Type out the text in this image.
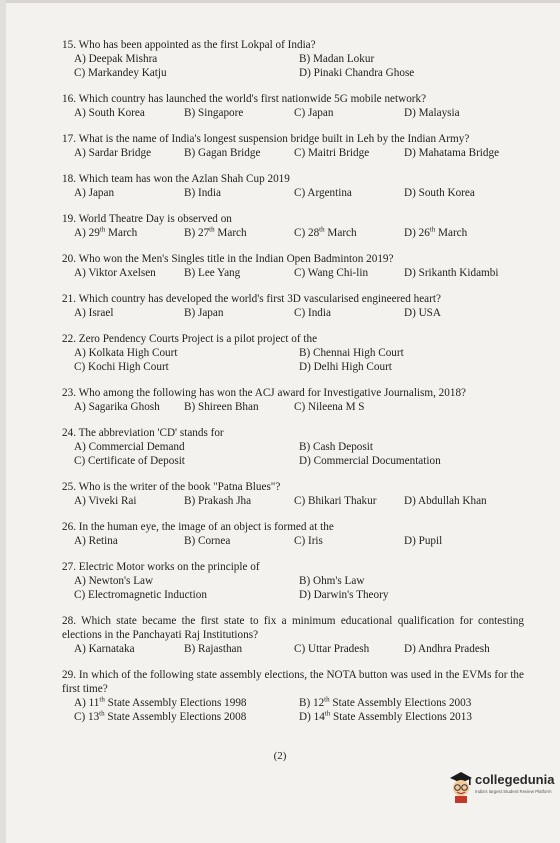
15. Who has been appointed as the first Lokpal of India?
A) Deepak Mishra	B) Madan Lokur
C) Markandey Katju	D) Pinaki Chandra Ghose
16. Which country has launched the world's first nationwide 5G mobile network?
A) South Korea	B) Singapore	C) Japan	D) Malaysia
17. What is the name of India's longest suspension bridge built in Leh by the Indian Army?
A) Sardar Bridge	B) Gagan Bridge	C) Maitri Bridge	D) Mahatama Bridge
18. Which team has won the Azlan Shah Cup 2019
A) Japan	B) India	C) Argentina	D) South Korea
19. World Theatre Day is observed on
A) 29th March	B) 27th March	C) 28th March	D) 26th March
20. Who won the Men's Singles title in the Indian Open Badminton 2019?
A) Viktor Axelsen	B) Lee Yang	C) Wang Chi-lin	D) Srikanth Kidambi
21. Which country has developed the world's first 3D vascularised engineered heart?
A) Israel	B) Japan	C) India	D) USA
22. Zero Pendency Courts Project is a pilot project of the
A) Kolkata High Court	B) Chennai High Court
C) Kochi High Court	D) Delhi High Court
23. Who among the following has won the ACJ award for Investigative Journalism, 2018?
A) Sagarika Ghosh	B) Shireen Bhan	C) Nileena M S
24. The abbreviation 'CD' stands for
A) Commercial Demand	B) Cash Deposit
C) Certificate of Deposit	D) Commercial Documentation
25. Who is the writer of the book "Patna Blues"?
A) Viveki Rai	B) Prakash Jha	C) Bhikari Thakur	D) Abdullah Khan
26. In the human eye, the image of an object is formed at the
A) Retina	B) Cornea	C) Iris	D) Pupil
27. Electric Motor works on the principle of
A) Newton's Law	B) Ohm's Law
C) Electromagnetic Induction	D) Darwin's Theory
28. Which state became the first state to fix a minimum educational qualification for contesting elections in the Panchayati Raj Institutions?
A) Karnataka	B) Rajasthan	C) Uttar Pradesh	D) Andhra Pradesh
29. In which of the following state assembly elections, the NOTA button was used in the EVMs for the first time?
A) 11th State Assembly Elections 1998	B) 12th State Assembly Elections 2003
C) 13th State Assembly Elections 2008	D) 14th State Assembly Elections 2013
(2)
collegedunia
India's largest Student Review Platform
